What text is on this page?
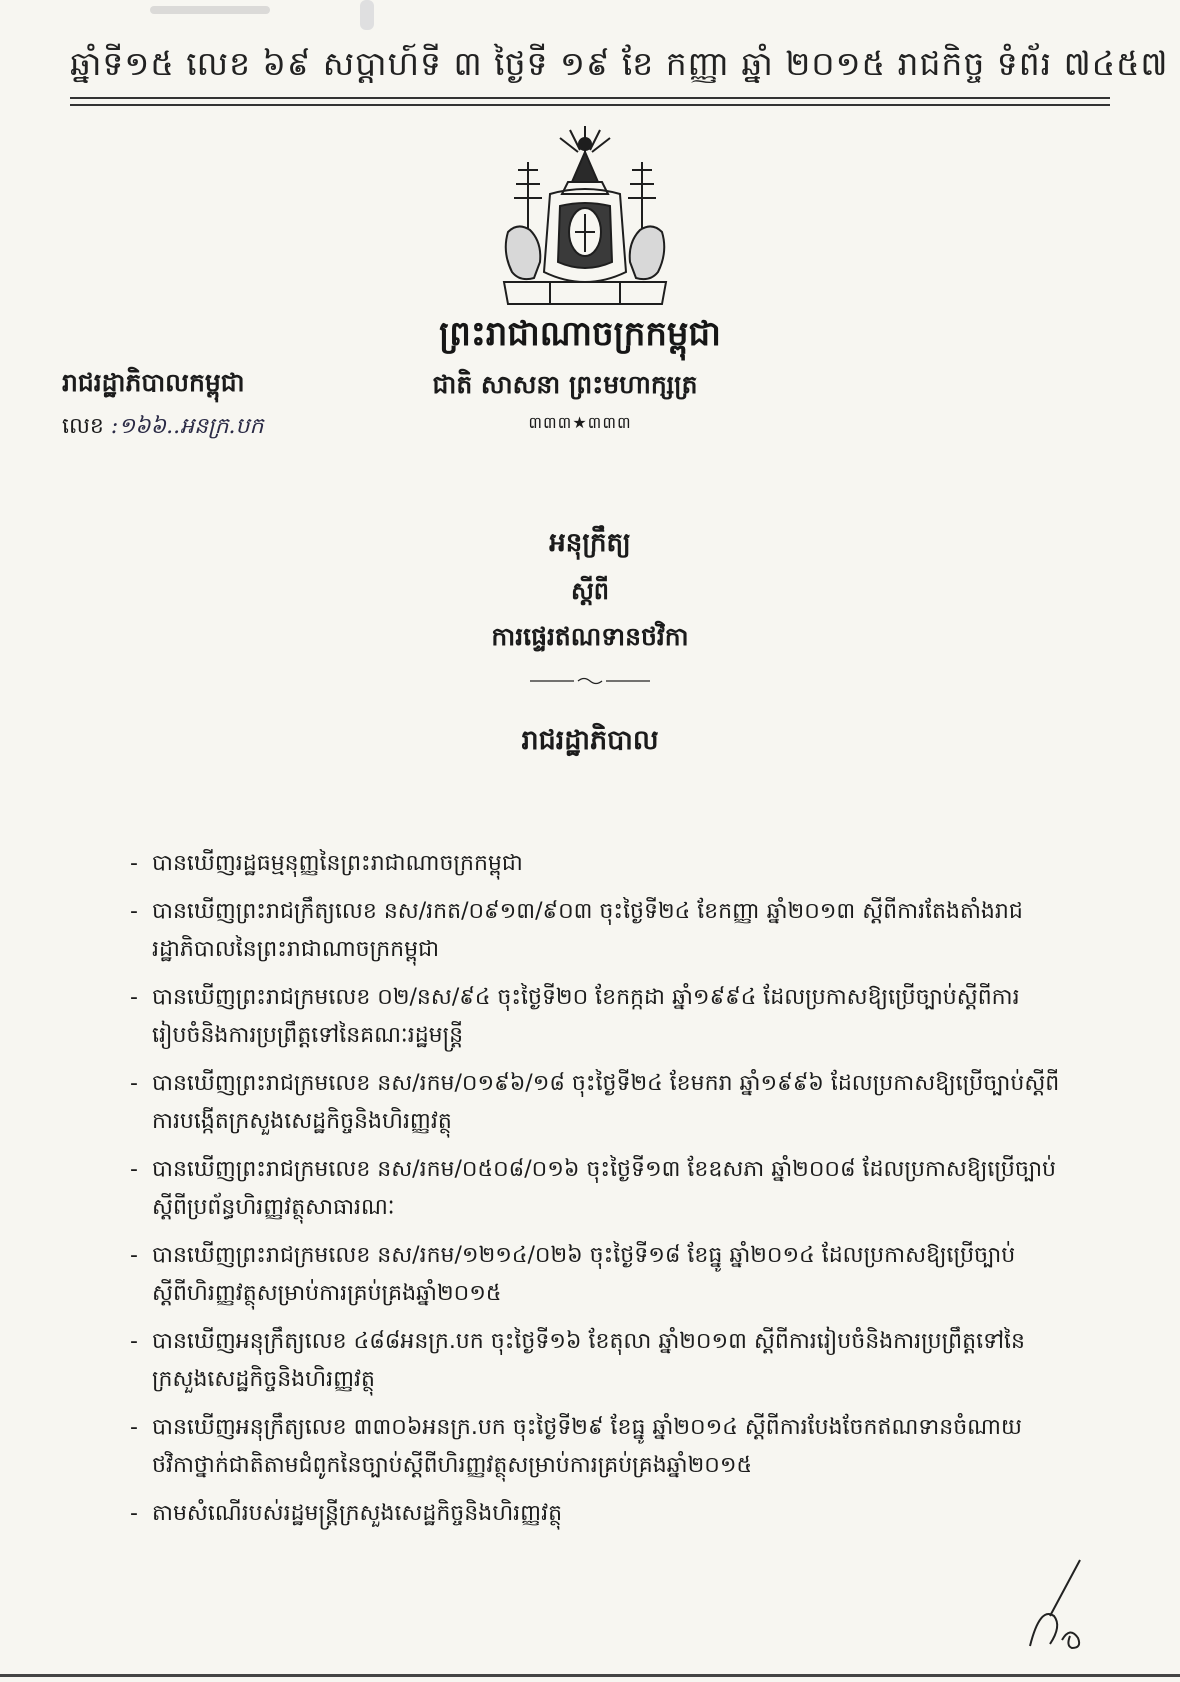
ឆ្នាំទី១៥ លេខ ៦៩ សប្ដាហ៍ទី ៣ ថ្ងៃទី ១៩ ខែ កញ្ញា ឆ្នាំ ២០១៥ រាជកិច្ច ទំព័រ ៧៤៥៧
ព្រះរាជាណាចក្រកម្ពុជា
ជាតិ សាសនា ព្រះមហាក្សត្រ
៣៣៣★៣៣៣
រាជរដ្ឋាភិបាលកម្ពុជា
លេខ :១៦៦..អនក្រ.បក
អនុក្រឹត្យ
ស្ដីពី
ការផ្ទេរឥណទានថវិកា
រាជរដ្ឋាភិបាល
- បានឃើញរដ្ឋធម្មនុញ្ញនៃព្រះរាជាណាចក្រកម្ពុជា
- បានឃើញព្រះរាជក្រឹត្យលេខ នស/រកត/០៩១៣/៩០៣ ចុះថ្ងៃទី២៤ ខែកញ្ញា ឆ្នាំ២០១៣ ស្ដីពីការតែងតាំងរាជរដ្ឋាភិបាលនៃព្រះរាជាណាចក្រកម្ពុជា
- បានឃើញព្រះរាជក្រមលេខ ០២/នស/៩៤ ចុះថ្ងៃទី២០ ខែកក្កដា ឆ្នាំ១៩៩៤ ដែលប្រកាសឱ្យប្រើច្បាប់ស្ដីពីការរៀបចំនិងការប្រព្រឹត្តទៅនៃគណៈរដ្ឋមន្ត្រី
- បានឃើញព្រះរាជក្រមលេខ នស/រកម/០១៩៦/១៨ ចុះថ្ងៃទី២៤ ខែមករា ឆ្នាំ១៩៩៦ ដែលប្រកាសឱ្យប្រើច្បាប់ស្ដីពីការបង្កើតក្រសួងសេដ្ឋកិច្ចនិងហិរញ្ញវត្ថុ
- បានឃើញព្រះរាជក្រមលេខ នស/រកម/០៥០៨/០១៦ ចុះថ្ងៃទី១៣ ខែឧសភា ឆ្នាំ២០០៨ ដែលប្រកាសឱ្យប្រើច្បាប់ស្ដីពីប្រព័ន្ធហិរញ្ញវត្ថុសាធារណៈ
- បានឃើញព្រះរាជក្រមលេខ នស/រកម/១២១៤/០២៦ ចុះថ្ងៃទី១៨ ខែធ្នូ ឆ្នាំ២០១៤ ដែលប្រកាសឱ្យប្រើច្បាប់ស្ដីពីហិរញ្ញវត្ថុសម្រាប់ការគ្រប់គ្រងឆ្នាំ២០១៥
- បានឃើញអនុក្រឹត្យលេខ ៤៨៨អនក្រ.បក ចុះថ្ងៃទី១៦ ខែតុលា ឆ្នាំ២០១៣ ស្ដីពីការរៀបចំនិងការប្រព្រឹត្តទៅនៃក្រសួងសេដ្ឋកិច្ចនិងហិរញ្ញវត្ថុ
- បានឃើញអនុក្រឹត្យលេខ ៣៣០៦អនក្រ.បក ចុះថ្ងៃទី២៩ ខែធ្នូ ឆ្នាំ២០១៤ ស្ដីពីការបែងចែកឥណទានចំណាយថវិកាថ្នាក់ជាតិតាមជំពូកនៃច្បាប់ស្ដីពីហិរញ្ញវត្ថុសម្រាប់ការគ្រប់គ្រងឆ្នាំ២០១៥
- តាមសំណើរបស់រដ្ឋមន្ត្រីក្រសួងសេដ្ឋកិច្ចនិងហិរញ្ញវត្ថុ
